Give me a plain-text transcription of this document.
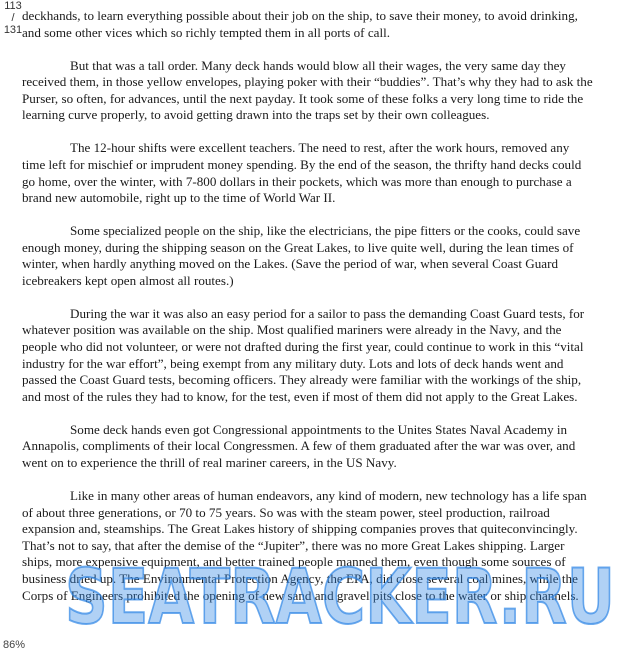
113
/
131

deckhands, to learn everything possible about their job on the ship, to save their money, to avoid drinking, and some other vices which so richly tempted them in all ports of call.

But that was a tall order. Many deck hands would blow all their wages, the very same day they received them, in those yellow envelopes, playing poker with their “buddies”. That’s why they had to ask the Purser, so often, for advances, until the next payday. It took some of these folks a very long time to ride the learning curve properly, to avoid getting drawn into the traps set by their own colleagues.

The 12-hour shifts were excellent teachers. The need to rest, after the work hours, removed any time left for mischief or imprudent money spending. By the end of the season, the thrifty hand decks could go home, over the winter, with 7-800 dollars in their pockets, which was more than enough to purchase a brand new automobile, right up to the time of World War II.

Some specialized people on the ship, like the electricians, the pipe fitters or the cooks, could save enough money, during the shipping season on the Great Lakes, to live quite well, during the lean times of winter, when hardly anything moved on the Lakes. (Save the period of war, when several Coast Guard icebreakers kept open almost all routes.)

During the war it was also an easy period for a sailor to pass the demanding Coast Guard tests, for whatever position was available on the ship. Most qualified mariners were already in the Navy, and the people who did not volunteer, or were not drafted during the first year, could continue to work in this “vital industry for the war effort”, being exempt from any military duty. Lots and lots of deck hands went and passed the Coast Guard tests, becoming officers. They already were familiar with the workings of the ship, and most of the rules they had to know, for the test, even if most of them did not apply to the Great Lakes.

Some deck hands even got Congressional appointments to the Unites States Naval Academy in Annapolis, compliments of their local Congressmen. A few of them graduated after the war was over, and went on to experience the thrill of real mariner careers, in the US Navy.

Like in many other areas of human endeavors, any kind of modern, new technology has a life span of about three generations, or 70 to 75 years. So was with the steam power, steel production, railroad expansion and, steamships. The Great Lakes history of shipping companies proves that quiteconvincingly. That’s not to say, that after the demise of the “Jupiter”, there was no more Great Lakes shipping. Larger ships, more expensive equipment, and better trained people manned them, even though some sources of business dried up. The Environmental Protection Agency, the EPA, did close several coal mines, while the Corps of Engineers prohibited the opening of new sand and gravel pits close to the water or ship channels.

SEATRACKER.RU
86%
